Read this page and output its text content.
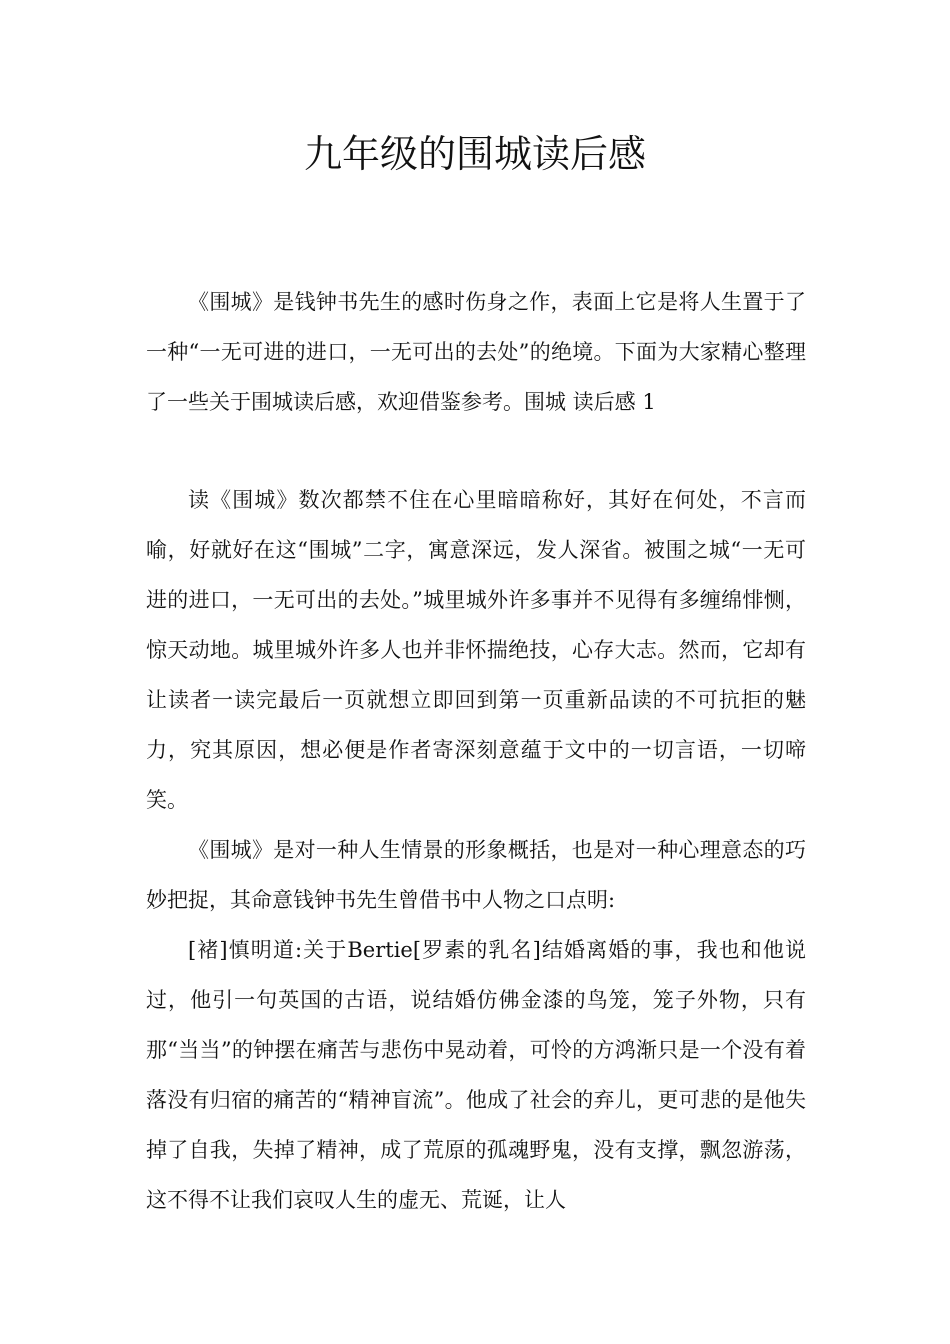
九年级的围城读后感

《围城》是钱钟书先生的感时伤身之作，表面上它是将人生置于了一种“一无可进的进口，一无可出的去处”的绝境。下面为大家精心整理了一些关于围城读后感，欢迎借鉴参考。围城 读后感 1

读《围城》数次都禁不住在心里暗暗称好，其好在何处，不言而喻，好就好在这“围城”二字，寓意深远，发人深省。被围之城“一无可进的进口，一无可出的去处。”城里城外许多事并不见得有多缠绵悱恻，惊天动地。城里城外许多人也并非怀揣绝技，心存大志。然而，它却有让读者一读完最后一页就想立即回到第一页重新品读的不可抗拒的魅力，究其原因，想必便是作者寄深刻意蕴于文中的一切言语，一切啼笑。

《围城》是对一种人生情景的形象概括，也是对一种心理意态的巧妙把捉，其命意钱钟书先生曾借书中人物之口点明:

[褚]慎明道:关于Bertie[罗素的乳名]结婚离婚的事，我也和他说过，他引一句英国的古语，说结婚仿佛金漆的鸟笼，笼子外物，只有那“当当”的钟摆在痛苦与悲伤中晃动着，可怜的方鸿渐只是一个没有着落没有归宿的痛苦的“精神盲流”。他成了社会的弃儿，更可悲的是他失掉了自我，失掉了精神，成了荒原的孤魂野鬼，没有支撑，飘忽游荡，这不得不让我们哀叹人生的虚无、荒诞，让人
